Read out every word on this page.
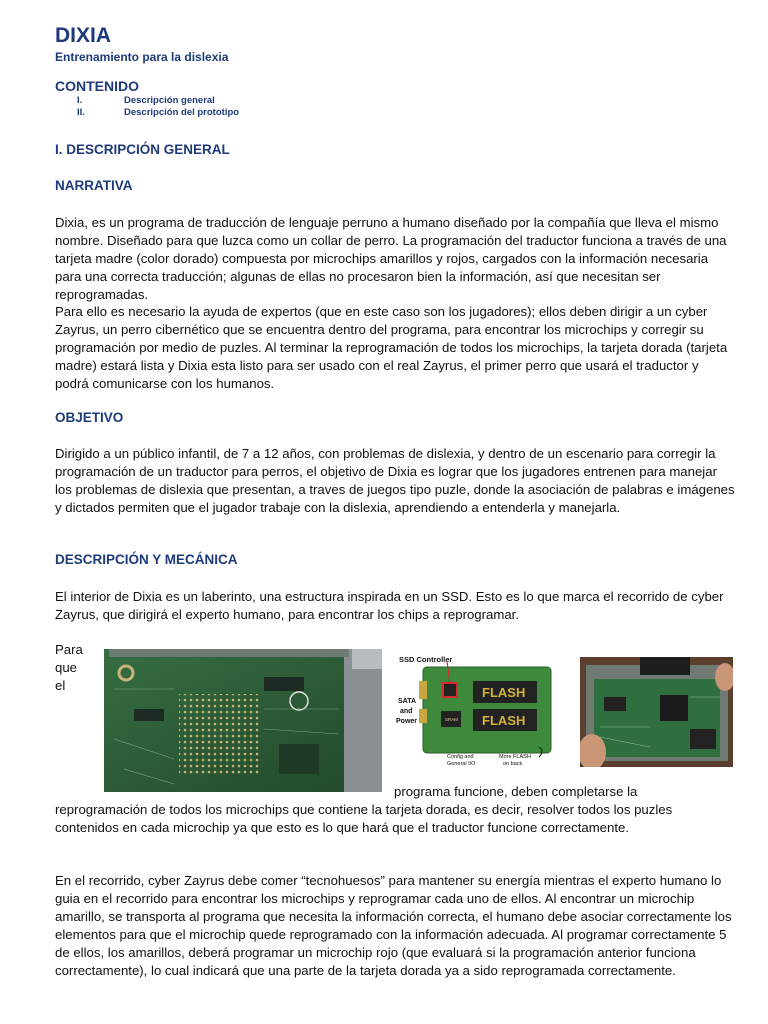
DIXIA
Entrenamiento para la dislexia
CONTENIDO
I.	Descripción general
II.	Descripción del prototipo
I. DESCRIPCIÓN GENERAL
NARRATIVA
Dixia, es un programa de traducción de lenguaje perruno a humano diseñado por la compañía que lleva el mismo nombre. Diseñado para que luzca como un collar de perro. La programación del traductor funciona a través de una tarjeta madre (color dorado) compuesta por microchips amarillos y rojos, cargados con la información necesaria para una correcta traducción; algunas de ellas no procesaron bien la información, así que necesitan ser reprogramadas.
Para ello es necesario la ayuda de expertos (que en este caso son los jugadores); ellos deben dirigir a un cyber Zayrus, un perro cibernético que se encuentra dentro del programa, para encontrar los microchips y corregir su programación por medio de puzles. Al terminar la reprogramación de todos los microchips, la tarjeta dorada (tarjeta madre) estará lista y Dixia esta listo para ser usado con el real Zayrus, el primer perro que usará el traductor y podrá comunicarse con los humanos.
OBJETIVO
Dirigido a un público infantil, de 7 a 12 años, con problemas de dislexia, y dentro de un escenario para corregir la programación de un traductor para perros, el objetivo de Dixia es lograr que los jugadores entrenen para manejar los problemas de dislexia que presentan, a traves de juegos tipo puzle, donde la asociación de palabras e imágenes y dictados permiten que el jugador trabaje con la dislexia, aprendiendo a entenderla y manejarla.
DESCRIPCIÓN Y MECÁNICA
El interior de Dixia es un laberinto, una estructura inspirada en un SSD. Esto es lo que marca el recorrido de cyber Zayrus, que dirigirá el experto humano, para encontrar los chips a reprogramar.
Para
que
el
SSD Controller
SATA
and
Power
FLASH
FLASH
SRAM
Config and
General I/O
More FLASH
on back
programa funcione, deben completarse la
reprogramación de todos los microchips que contiene la tarjeta dorada, es decir, resolver todos los puzles contenidos en cada microchip ya que esto es lo que hará que el traductor funcione correctamente.
En el recorrido, cyber Zayrus debe comer “tecnohuesos” para mantener su energía mientras el experto humano lo guia en el recorrido para encontrar los microchips y reprogramar cada uno de ellos. Al encontrar un microchip amarillo, se transporta al programa que necesita la información correcta, el humano debe asociar correctamente los elementos para que el microchip quede reprogramado con la información adecuada. Al programar correctamente 5 de ellos, los amarillos, deberá programar un microchip rojo (que evaluará si la programación anterior funciona correctamente), lo cual indicará que una parte de la tarjeta dorada ya a sido reprogramada correctamente.
